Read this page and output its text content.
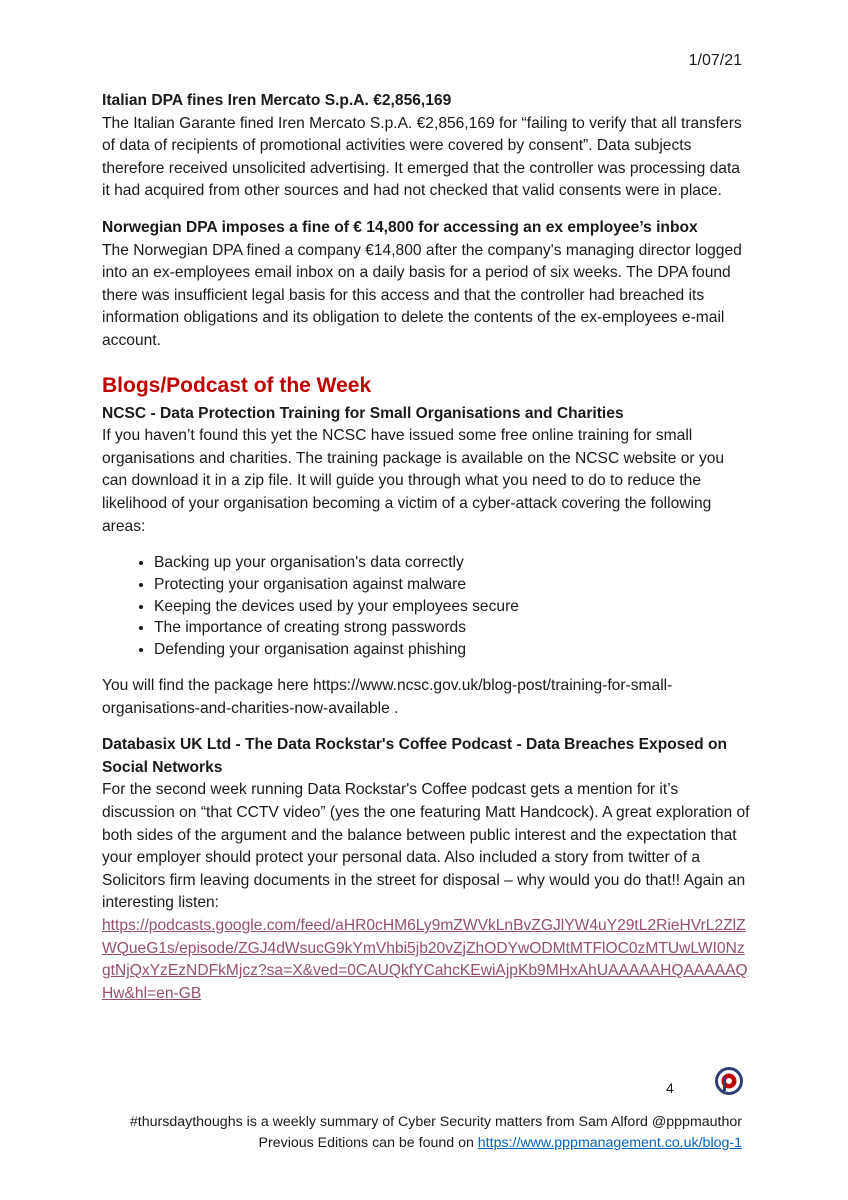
1/07/21
Italian DPA fines Iren Mercato S.p.A. €2,856,169

The Italian Garante fined Iren Mercato S.p.A. €2,856,169 for “failing to verify that all transfers of data of recipients of promotional activities were covered by consent”. Data subjects therefore received unsolicited advertising. It emerged that the controller was processing data it had acquired from other sources and had not checked that valid consents were in place.

Norwegian DPA imposes a fine of € 14,800 for accessing an ex employee’s inbox

The Norwegian DPA fined a company €14,800 after the company's managing director logged into an ex-employees email inbox on a daily basis for a period of six weeks. The DPA found there was insufficient legal basis for this access and that the controller had breached its information obligations and its obligation to delete the contents of the ex-employees e-mail account.

Blogs/Podcast of the Week
NCSC - Data Protection Training for Small Organisations and Charities

If you haven’t found this yet the NCSC have issued some free online training for small organisations and charities. The training package is available on the NCSC website or you can download it in a zip file. It will guide you through what you need to do to reduce the likelihood of your organisation becoming a victim of a cyber-attack covering the following areas:

• Backing up your organisation's data correctly
• Protecting your organisation against malware
• Keeping the devices used by your employees secure
• The importance of creating strong passwords
• Defending your organisation against phishing

You will find the package here https://www.ncsc.gov.uk/blog-post/training-for-small-organisations-and-charities-now-available .

Databasix UK Ltd - The Data Rockstar's Coffee Podcast - Data Breaches Exposed on Social Networks

For the second week running Data Rockstar's Coffee podcast gets a mention for it’s discussion on “that CCTV video” (yes the one featuring Matt Handcock). A great exploration of both sides of the argument and the balance between public interest and the expectation that your employer should protect your personal data. Also included a story from twitter of a Solicitors firm leaving documents in the street for disposal – why would you do that!! Again an interesting listen:

https://podcasts.google.com/feed/aHR0cHM6Ly9mZWVkLnBvZGJlYW4uY29tL2RieHVrL2ZlZWQueG1s/episode/ZGJ4dWsucG9kYmVhbi5jb20vZjZhODYwODMtMTFlOC0zMTUwLWI0NzgtNjQxYzEzNDFkMjcz?sa=X&ved=0CAUQkfYCahcKEwiAjpKb9MHxAhUAAAAAHQAAAAAQHw&hl=en-GB
4
#thursdaythoughs is a weekly summary of Cyber Security matters from Sam Alford @pppmauthor
Previous Editions can be found on https://www.pppmanagement.co.uk/blog-1
